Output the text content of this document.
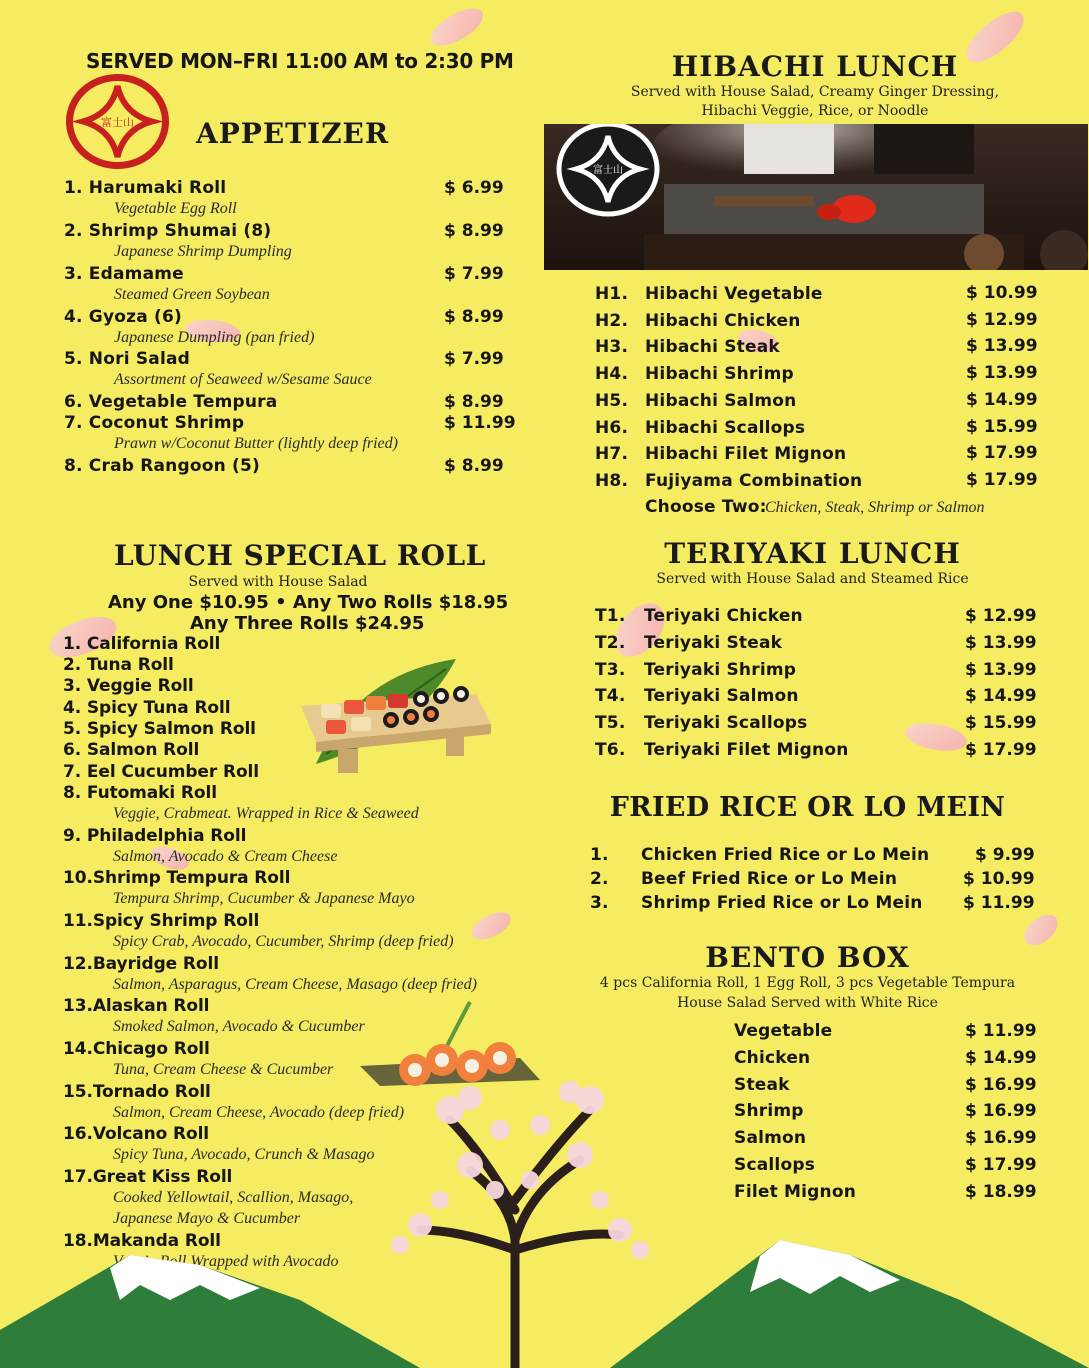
SERVED MON–FRI 11:00 AM to 2:30 PM
富士山 APPETIZER
1. Harumaki Roll	$ 6.99
Vegetable Egg Roll
2. Shrimp Shumai (8)	$ 8.99
Japanese Shrimp Dumpling
3. Edamame	$ 7.99
Steamed Green Soybean
4. Gyoza (6)	$ 8.99
Japanese Dumpling (pan fried)
5. Nori Salad	$ 7.99
Assortment of Seaweed w/Sesame Sauce
6. Vegetable Tempura	$ 8.99
7. Coconut Shrimp	$ 11.99
Prawn w/Coconut Butter (lightly deep fried)
8. Crab Rangoon (5)	$ 8.99
LUNCH SPECIAL ROLL
Served with House Salad
Any One $10.95 • Any Two Rolls $18.95
Any Three Rolls $24.95
1. California Roll
2. Tuna Roll
3. Veggie Roll
4. Spicy Tuna Roll
5. Spicy Salmon Roll
6. Salmon Roll
7. Eel Cucumber Roll
8. Futomaki Roll
Veggie, Crabmeat. Wrapped in Rice & Seaweed
9. Philadelphia Roll
Salmon, Avocado & Cream Cheese
10.Shrimp Tempura Roll
Tempura Shrimp, Cucumber & Japanese Mayo
11.Spicy Shrimp Roll
Spicy Crab, Avocado, Cucumber, Shrimp (deep fried)
12.Bayridge Roll
Salmon, Asparagus, Cream Cheese, Masago (deep fried)
13.Alaskan Roll
Smoked Salmon, Avocado & Cucumber
14.Chicago Roll
Tuna, Cream Cheese & Cucumber
15.Tornado Roll
Salmon, Cream Cheese, Avocado (deep fried)
16.Volcano Roll
Spicy Tuna, Avocado, Crunch & Masago
17.Great Kiss Roll
Cooked Yellowtail, Scallion, Masago,
Japanese Mayo & Cucumber
18.Makanda Roll
Veggie Roll Wrapped with Avocado
HIBACHI LUNCH
Served with House Salad, Creamy Ginger Dressing,
Hibachi Veggie, Rice, or Noodle
富士山
H1. Hibachi Vegetable	$ 10.99
H2. Hibachi Chicken	$ 12.99
H3. Hibachi Steak	$ 13.99
H4. Hibachi Shrimp	$ 13.99
H5. Hibachi Salmon	$ 14.99
H6. Hibachi Scallops	$ 15.99
H7. Hibachi Filet Mignon	$ 17.99
H8. Fujiyama Combination	$ 17.99
Choose Two:
Chicken, Steak, Shrimp or Salmon
TERIYAKI LUNCH
Served with House Salad and Steamed Rice
T1. Teriyaki Chicken	$ 12.99
T2. Teriyaki Steak	$ 13.99
T3. Teriyaki Shrimp	$ 13.99
T4. Teriyaki Salmon	$ 14.99
T5. Teriyaki Scallops	$ 15.99
T6. Teriyaki Filet Mignon	$ 17.99
FRIED RICE OR LO MEIN
1. Chicken Fried Rice or Lo Mein	$ 9.99
2. Beef Fried Rice or Lo Mein	$ 10.99
3. Shrimp Fried Rice or Lo Mein $ 11.99
BENTO BOX
4 pcs California Roll, 1 Egg Roll, 3 pcs Vegetable Tempura
House Salad Served with White Rice
Vegetable	$ 11.99
Chicken	$ 14.99
Steak	$ 16.99
Shrimp	$ 16.99
Salmon	$ 16.99
Scallops	$ 17.99
Filet Mignon	$ 18.99
